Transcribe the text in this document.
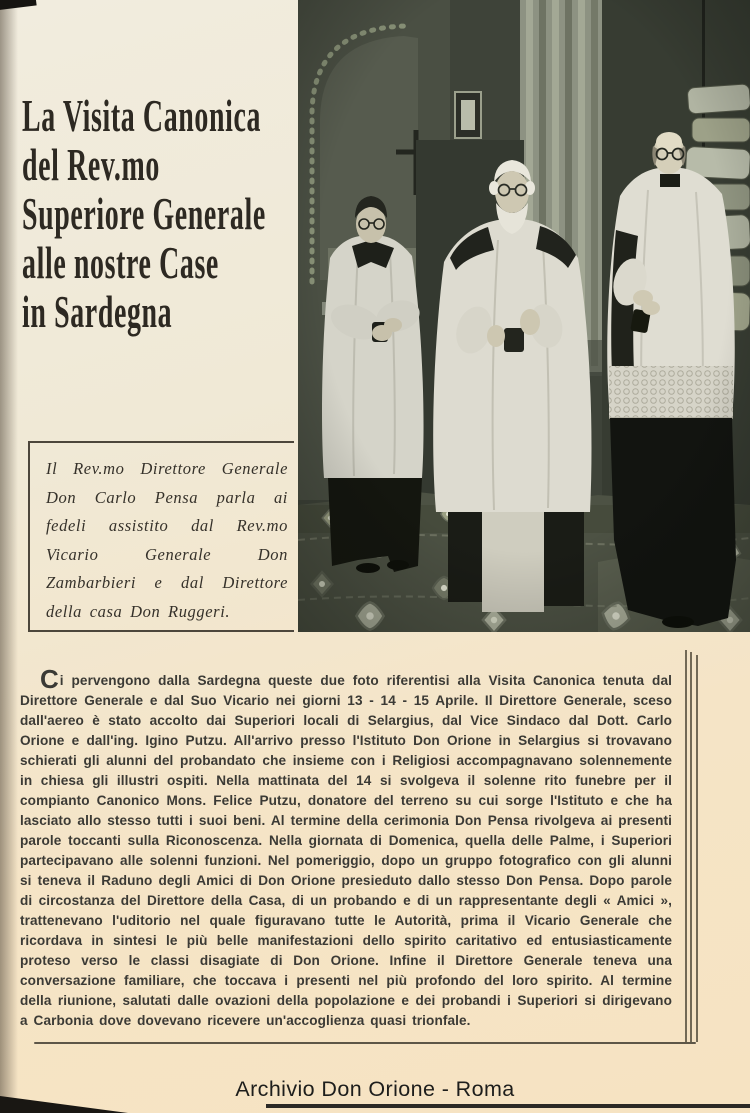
La Visita Canonica
del Rev.mo
Superiore Generale
alle nostre Case
in Sardegna
Il Rev.mo Direttore Generale Don Carlo Pensa parla ai fedeli assistito dal Rev.mo Vicario Generale Don Zambarbieri e dal Direttore della casa Don Ruggeri.

Ci pervengono dalla Sardegna queste due foto riferentisi alla Visita Canonica tenuta dal Direttore Generale e dal Suo Vicario nei giorni 13 - 14 - 15 Aprile. Il Direttore Generale, sceso dall'aereo è stato accolto dai Superiori locali di Selargius, dal Vice Sindaco dal Dott. Carlo Orione e dall'ing. Igino Putzu. All'arrivo presso l'Istituto Don Orione in Selargius si trovavano schierati gli alunni del probandato che insieme con i Religiosi accompagnavano solennemente in chiesa gli illustri ospiti. Nella mattinata del 14 si svolgeva il solenne rito funebre per il compianto Canonico Mons. Felice Putzu, donatore del terreno su cui sorge l'Istituto e che ha lasciato allo stesso tutti i suoi beni. Al termine della cerimonia Don Pensa rivolgeva ai presenti parole toccanti sulla Riconoscenza. Nella giornata di Domenica, quella delle Palme, i Superiori partecipavano alle solenni funzioni. Nel pomeriggio, dopo un gruppo fotografico con gli alunni si teneva il Raduno degli Amici di Don Orione presieduto dallo stesso Don Pensa. Dopo parole di circostanza del Direttore della Casa, di un probando e di un rappresentante degli « Amici », trattenevano l'uditorio nel quale figuravano tutte le Autorità, prima il Vicario Generale che ricordava in sintesi le più belle manifestazioni dello spirito caritativo ed entusiasticamente proteso verso le classi disagiate di Don Orione. Infine il Direttore Generale teneva una conversazione familiare, che toccava i presenti nel più profondo del loro spirito. Al termine della riunione, salutati dalle ovazioni della popolazione e dei probandi i Superiori si dirigevano a Carbonia dove dovevano ricevere un'accoglienza quasi trionfale.

Archivio Don Orione - Roma
